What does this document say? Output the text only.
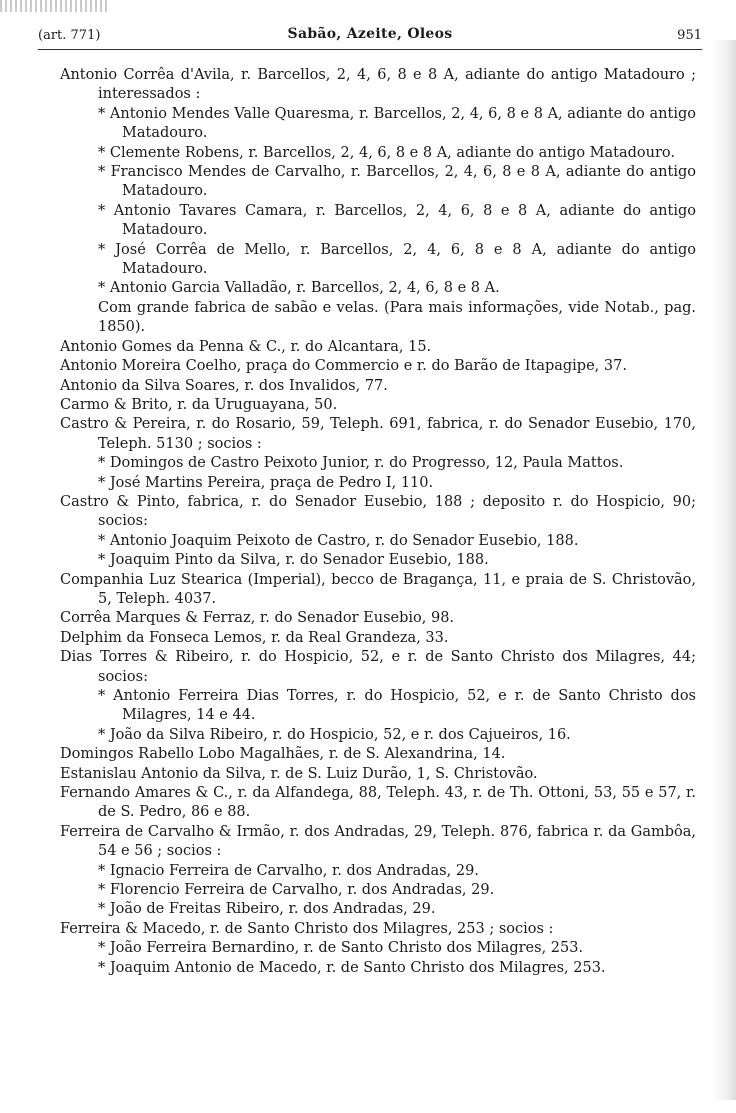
(art. 771)	Sabão, Azeite, Oleos	951

Antonio Corrêa d'Avila, r. Barcellos, 2, 4, 6, 8 e 8 A, adiante do antigo Matadouro ; interessados :

* Antonio Mendes Valle Quaresma, r. Barcellos, 2, 4, 6, 8 e 8 A, adiante do antigo Matadouro.

* Clemente Robens, r. Barcellos, 2, 4, 6, 8 e 8 A, adiante do antigo Matadouro.

* Francisco Mendes de Carvalho, r. Barcellos, 2, 4, 6, 8 e 8 A, adiante do antigo Matadouro.

* Antonio Tavares Camara, r. Barcellos, 2, 4, 6, 8 e 8 A, adiante do antigo Matadouro.

* José Corrêa de Mello, r. Barcellos, 2, 4, 6, 8 e 8 A, adiante do antigo Matadouro.

* Antonio Garcia Valladão, r. Barcellos, 2, 4, 6, 8 e 8 A.

Com grande fabrica de sabão e velas. (Para mais informações, vide Notab., pag. 1850).

Antonio Gomes da Penna & C., r. do Alcantara, 15.

Antonio Moreira Coelho, praça do Commercio e r. do Barão de Itapagipe, 37.

Antonio da Silva Soares, r. dos Invalidos, 77.

Carmo & Brito, r. da Uruguayana, 50.

Castro & Pereira, r. do Rosario, 59, Teleph. 691, fabrica, r. do Senador Eusebio, 170, Teleph. 5130 ; socios :

* Domingos de Castro Peixoto Junior, r. do Progresso, 12, Paula Mattos.

* José Martins Pereira, praça de Pedro I, 110.

Castro & Pinto, fabrica, r. do Senador Eusebio, 188 ; deposito r. do Hospicio, 90; socios:

* Antonio Joaquim Peixoto de Castro, r. do Senador Eusebio, 188.

* Joaquim Pinto da Silva, r. do Senador Eusebio, 188.

Companhia Luz Stearica (Imperial), becco de Bragança, 11, e praia de S. Christovão, 5, Teleph. 4037.

Corrêa Marques & Ferraz, r. do Senador Eusebio, 98.

Delphim da Fonseca Lemos, r. da Real Grandeza, 33.

Dias Torres & Ribeiro, r. do Hospicio, 52, e r. de Santo Christo dos Milagres, 44; socios:

* Antonio Ferreira Dias Torres, r. do Hospicio, 52, e r. de Santo Christo dos Milagres, 14 e 44.

* João da Silva Ribeiro, r. do Hospicio, 52, e r. dos Cajueiros, 16.

Domingos Rabello Lobo Magalhães, r. de S. Alexandrina, 14.

Estanislau Antonio da Silva, r. de S. Luiz Durão, 1, S. Christovão.

Fernando Amares & C., r. da Alfandega, 88, Teleph. 43, r. de Th. Ottoni, 53, 55 e 57, r. de S. Pedro, 86 e 88.

Ferreira de Carvalho & Irmão, r. dos Andradas, 29, Teleph. 876, fabrica r. da Gambôa, 54 e 56 ; socios :

* Ignacio Ferreira de Carvalho, r. dos Andradas, 29.

* Florencio Ferreira de Carvalho, r. dos Andradas, 29.

* João de Freitas Ribeiro, r. dos Andradas, 29.

Ferreira & Macedo, r. de Santo Christo dos Milagres, 253 ; socios :

* João Ferreira Bernardino, r. de Santo Christo dos Milagres, 253.

* Joaquim Antonio de Macedo, r. de Santo Christo dos Milagres, 253.
